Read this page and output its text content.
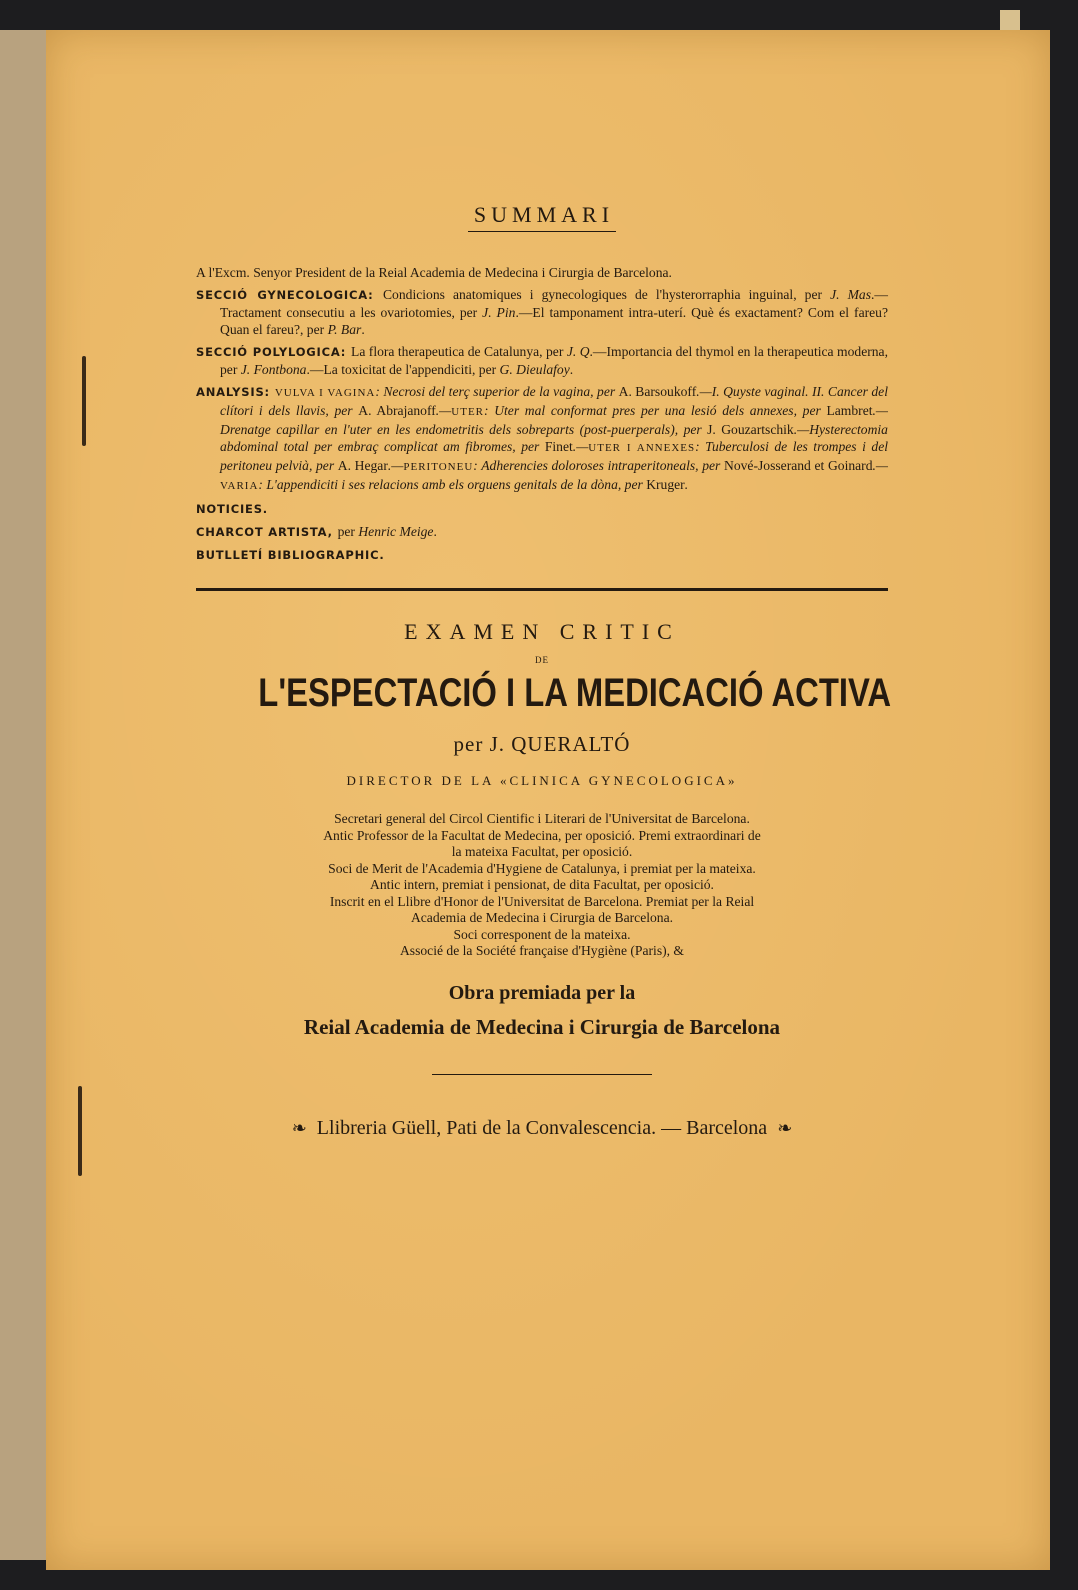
SUMMARI
A l'Excm. Senyor President de la Reial Academia de Medecina i Cirurgia de Barcelona.
SECCIÓ GYNECOLOGICA: Condicions anatomiques i gynecologiques de l'hysterorraphia inguinal, per J. Mas.—Tractament consecutiu a les ovariotomies, per J. Pin.—El tamponament intra-uterí. Què és exactament? Com el fareu? Quan el fareu?, per P. Bar.
SECCIÓ POLYLOGICA: La flora therapeutica de Catalunya, per J. Q.—Importancia del thymol en la therapeutica moderna, per J. Fontbona.—La toxicitat de l'appendiciti, per G. Dieulafoy.
ANALYSIS: VULVA I VAGINA: Necrosi del terç superior de la vagina, per A. Barsoukoff.—I. Quyste vaginal. II. Cancer del clítori i dels llavis, per A. Abrajanoff.—UTER: Uter mal conformat pres per una lesió dels annexes, per Lambret.—Drenatge capillar en l'uter en les endometritis dels sobreparts (post-puerperals), per J. Gouzartschik.—Hysterectomia abdominal total per embraç complicat am fibromes, per Finet.—UTER I ANNEXES: Tuberculosi de les trompes i del peritoneu pelvià, per A. Hegar.—PERITONEU: Adherencies doloroses intraperitoneals, per Nové-Josserand et Goinard.—VARIA: L'appendiciti i ses relacions amb els orguens genitals de la dòna, per Kruger.
NOTICIES.
CHARCOT ARTISTA, per Henric Meige.
BUTLLETÍ BIBLIOGRAPHIC.
EXAMEN CRITIC
DE
L'ESPECTACIÓ I LA MEDICACIÓ ACTIVA
per J. QUERALTÓ
DIRECTOR DE LA «CLINICA GYNECOLOGICA»
Secretari general del Circol Cientific i Literari de l'Universitat de Barcelona.
Antic Professor de la Facultat de Medecina, per oposició. Premi extraordinari de
la mateixa Facultat, per oposició.
Soci de Merit de l'Academia d'Hygiene de Catalunya, i premiat per la mateixa.
Antic intern, premiat i pensionat, de dita Facultat, per oposició.
Inscrit en el Llibre d'Honor de l'Universitat de Barcelona. Premiat per la Reial
Academia de Medecina i Cirurgia de Barcelona.
Soci corresponent de la mateixa.
Associé de la Société française d'Hygiène (Paris), &
Obra premiada per la
Reial Academia de Medecina i Cirurgia de Barcelona
❧ Llibreria Güell, Pati de la Convalescencia. — Barcelona ❧
